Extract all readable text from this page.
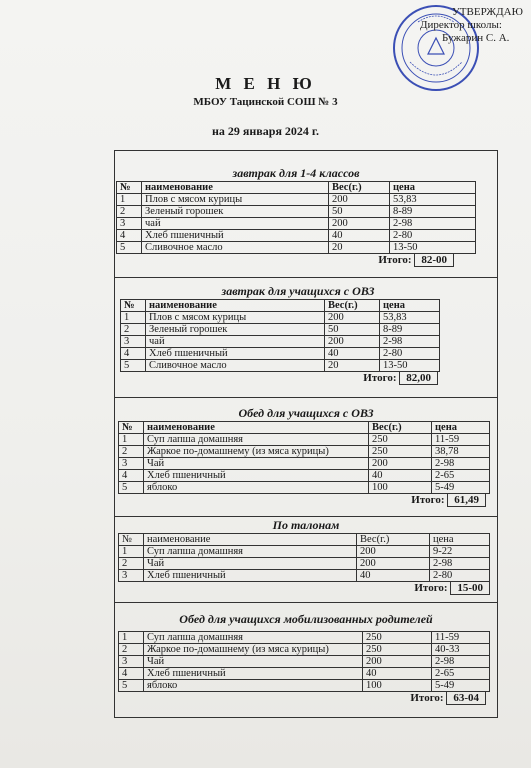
УТВЕРЖДАЮ
Директор школы:
Бужарин С. А.
М Е Н Ю
МБОУ Тацинской СОШ № 3
на 29 января 2024 г.
завтрак для 1-4 классов
№	наименование	Вес(г.)	цена
1	Плов с мясом курицы	200	53,83
2	Зеленый горошек	50	8-89
3	чай	200	2-98
4	Хлеб пшеничный	40	2-80
5	Сливочное масло	20	13-50
Итого: 82-00
завтрак для учащихся с ОВЗ
№	наименование	Вес(г.)	цена
1	Плов с мясом курицы	200	53,83
2	Зеленый горошек	50	8-89
3	чай	200	2-98
4	Хлеб пшеничный	40	2-80
5	Сливочное масло	20	13-50
Итого: 82,00
Обед для учащихся с ОВЗ
№	наименование	Вес(г.)	цена
1	Суп лапша домашняя	250	11-59
2	Жаркое по-домашнему (из мяса курицы)	250	38,78
3	Чай	200	2-98
4	Хлеб пшеничный	40	2-65
5	яблоко	100	5-49
Итого: 61,49
По талонам
№	наименование	Вес(г.)	цена
1	Суп лапша домашняя	200	9-22
2	Чай	200	2-98
3	Хлеб пшеничный	40	2-80
Итого: 15-00
Обед для учащихся мобилизованных родителей
1	Суп лапша домашняя	250	11-59
2	Жаркое по-домашнему (из мяса курицы)	250	40-33
3	Чай	200	2-98
4	Хлеб пшеничный	40	2-65
5	яблоко	100	5-49
Итого: 63-04
